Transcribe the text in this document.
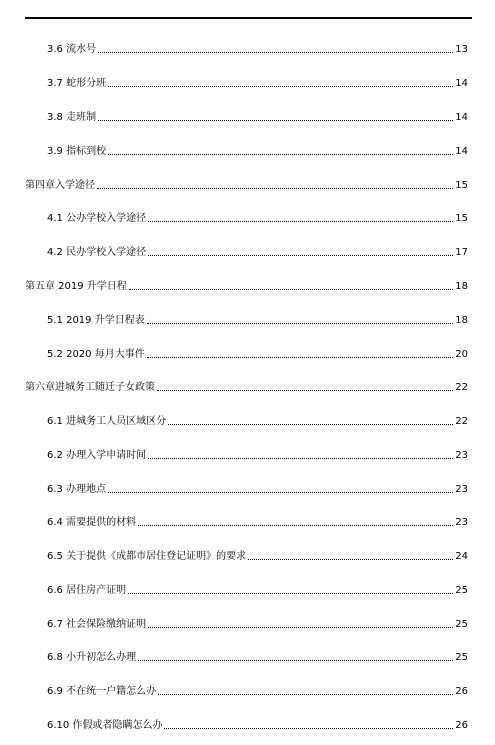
3.6 流水号	13
3.7 蛇形分班	14
3.8 走班制	14
3.9 指标到校	14
第四章入学途径	15
4.1 公办学校入学途径	15
4.2 民办学校入学途径	17
第五章 2019 升学日程	18
5.1 2019 升学日程表	18
5.2 2020 每月大事件	20
第六章进城务工随迁子女政策	22
6.1 进城务工人员区域区分	22
6.2 办理入学申请时间	23
6.3 办理地点	23
6.4 需要提供的材料	23
6.5 关于提供《成都市居住登记证明》的要求	24
6.6 居住房产证明	25
6.7 社会保险缴纳证明	25
6.8 小升初怎么办理	25
6.9 不在统一户籍怎么办	26
6.10 作假或者隐瞒怎么办	26
